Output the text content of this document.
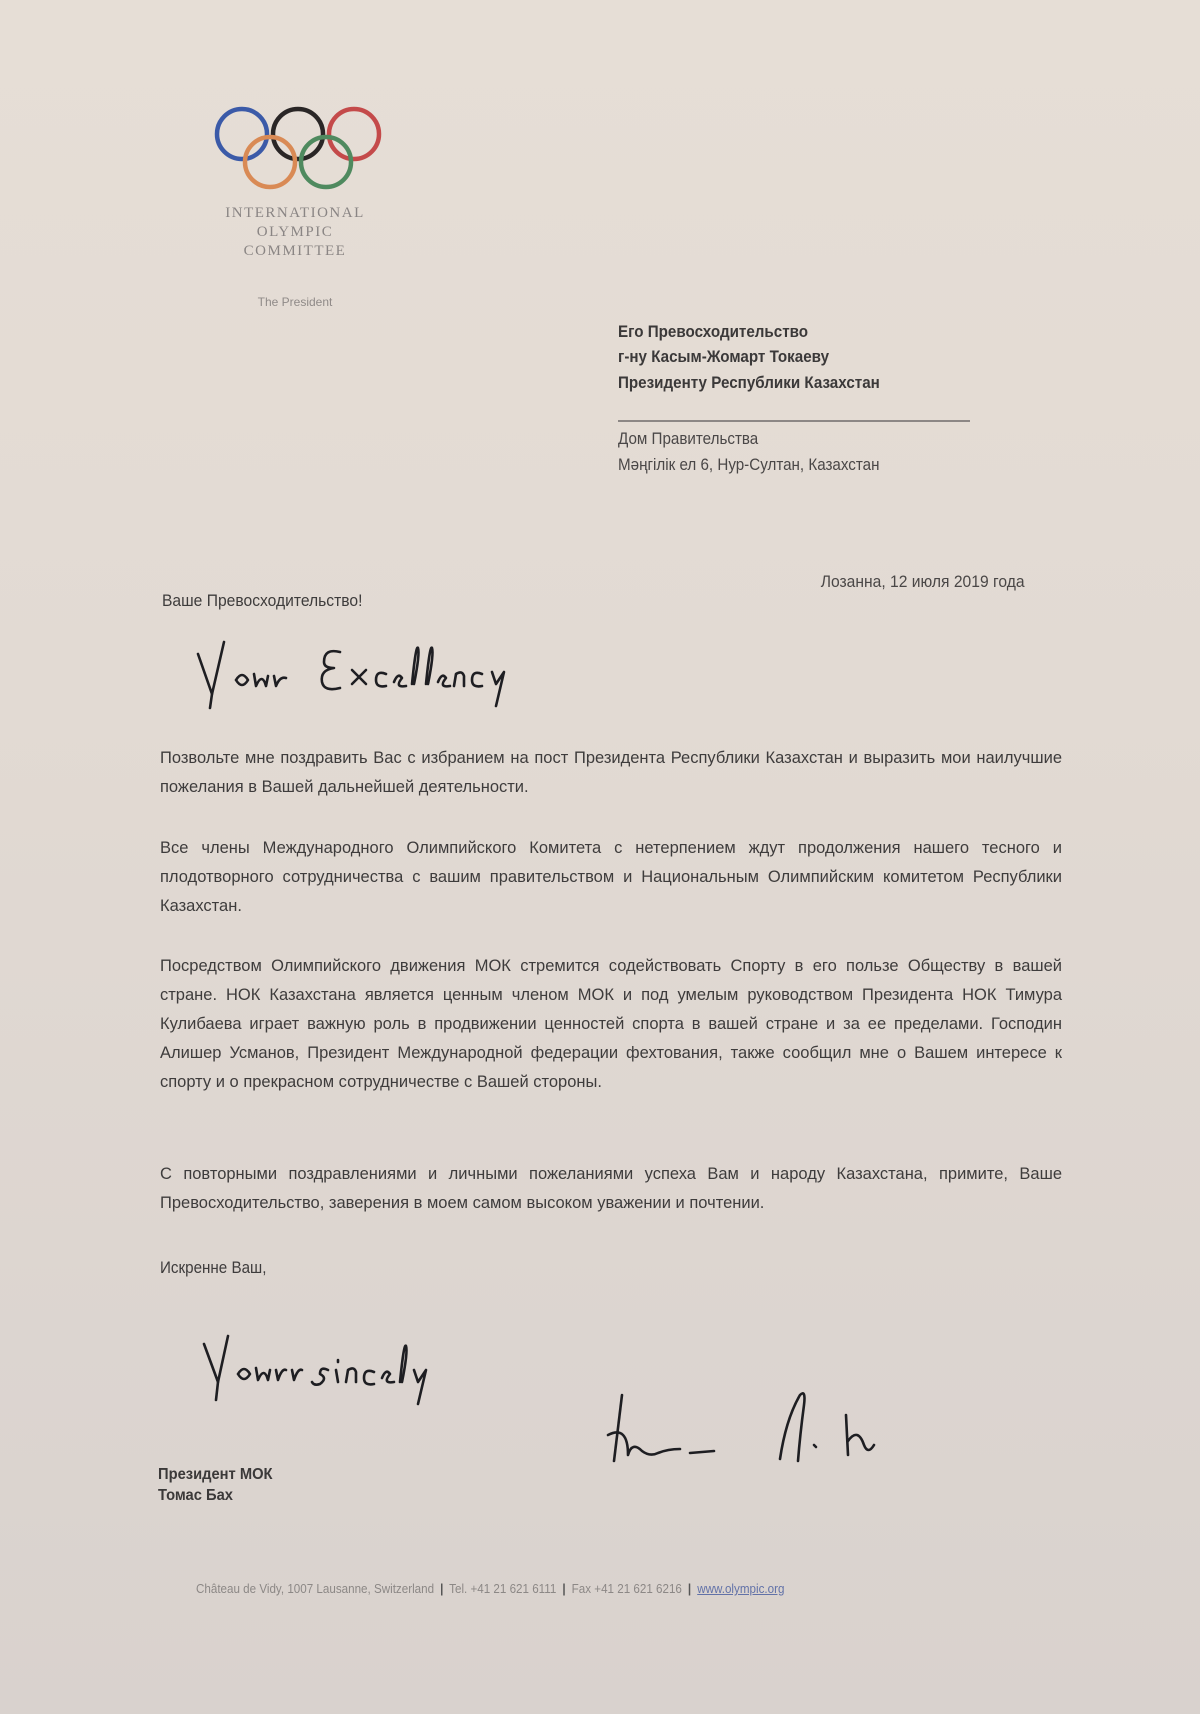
INTERNATIONAL
OLYMPIC
COMMITTEE
The President
Его Превосходительство
г-ну Касым-Жомарт Токаеву
Президенту Республики Казахстан
Дом Правительства
Мәңгілік ел 6, Нур-Султан, Казахстан
Лозанна, 12 июля 2019 года
Ваше Превосходительство!
Позвольте мне поздравить Вас с избранием на пост Президента Республики Казахстан и выразить мои наилучшие пожелания в Вашей дальнейшей деятельности.
Все члены Международного Олимпийского Комитета с нетерпением ждут продолжения нашего тесного и плодотворного сотрудничества с вашим правительством и Национальным Олимпийским комитетом Республики Казахстан.
Посредством Олимпийского движения МОК стремится содействовать Спорту в его пользе Обществу в вашей стране. НОК Казахстана является ценным членом МОК и под умелым руководством Президента НОК Тимура Кулибаева играет важную роль в продвижении ценностей спорта в вашей стране и за ее пределами. Господин Алишер Усманов, Президент Международной федерации фехтования, также сообщил мне о Вашем интересе к спорту и о прекрасном сотрудничестве с Вашей стороны.
С повторными поздравлениями и личными пожеланиями успеха Вам и народу Казахстана, примите, Ваше Превосходительство, заверения в моем самом высоком уважении и почтении.
Искренне Ваш,
Президент МОК
Томас Бах
Château de Vidy, 1007 Lausanne, Switzerland | Tel. +41 21 621 6111 | Fax +41 21 621 6216 | www.olympic.org
